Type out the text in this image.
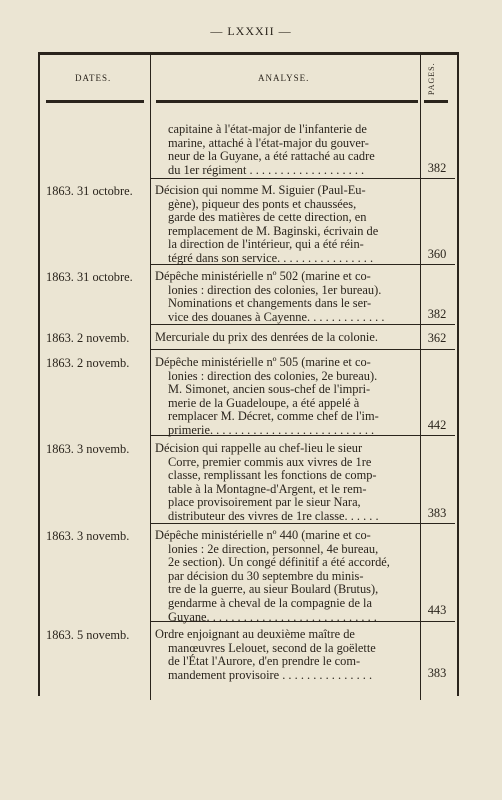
— LXXXII —
DATES.	ANALYSE.	PAGES.
capitaine à l'état-major de l'infanterie de
marine, attaché à l'état-major du gouver-
neur de la Guyane, a été rattaché au cadre
du 1er régiment . . . . . . . . . . . . . . . . . . .	382
1863. 31 octobre.	Décision qui nomme M. Siguier (Paul-Eu-
gène), piqueur des ponts et chaussées,
garde des matières de cette direction, en
remplacement de M. Baginski, écrivain de
la direction de l'intérieur, qui a été réin-
tégré dans son service. . . . . . . . . . . . . . . .	360
1863. 31 octobre.	Dépêche ministérielle nº 502 (marine et co-
lonies : direction des colonies, 1er bureau).
Nominations et changements dans le ser-
vice des douanes à Cayenne. . . . . . . . . . . . .	382
1863. 2 novemb.	Mercuriale du prix des denrées de la colonie.	362
1863. 2 novemb.	Dépêche ministérielle nº 505 (marine et co-
lonies : direction des colonies, 2e bureau).
M. Simonet, ancien sous-chef de l'impri-
merie de la Guadeloupe, a été appelé à
remplacer M. Décret, comme chef de l'im-
primerie. . . . . . . . . . . . . . . . . . . . . . . . . . .	442
1863. 3 novemb.	Décision qui rappelle au chef-lieu le sieur
Corre, premier commis aux vivres de 1re
classe, remplissant les fonctions de comp-
table à la Montagne-d'Argent, et le rem-
place provisoirement par le sieur Nara,
distributeur des vivres de 1re classe. . . . . .	383
1863. 3 novemb.	Dépêche ministérielle nº 440 (marine et co-
lonies : 2e direction, personnel, 4e bureau,
2e section). Un congé définitif a été accordé,
par décision du 30 septembre du minis-
tre de la guerre, au sieur Boulard (Brutus),
gendarme à cheval de la compagnie de la
Guyane. . . . . . . . . . . . . . . . . . . . . . . . . . . .	443
1863. 5 novemb.	Ordre enjoignant au deuxième maître de
manœuvres Lelouet, second de la goëlette
de l'État l'Aurore, d'en prendre le com-
mandement provisoire . . . . . . . . . . . . . . .	383
